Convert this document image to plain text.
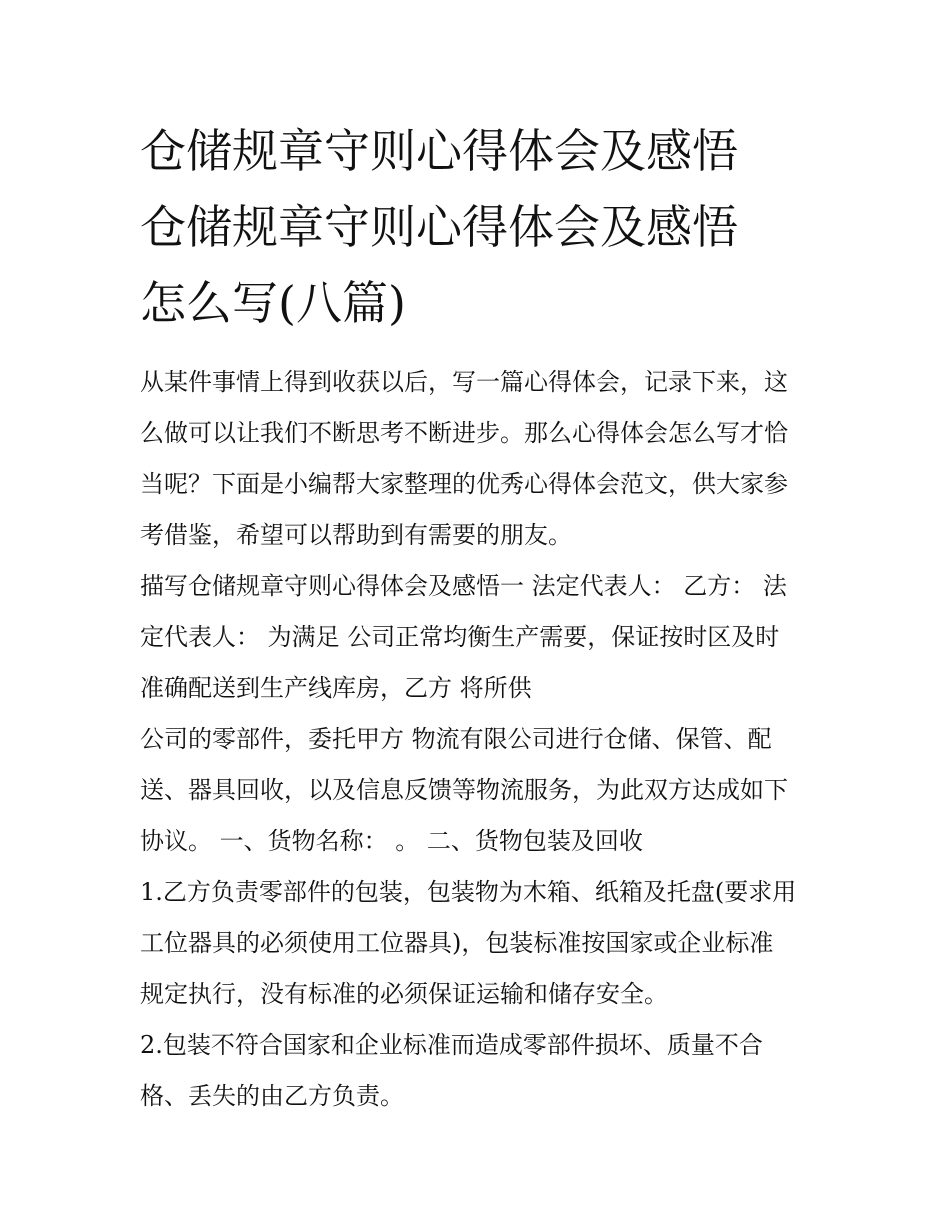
仓储规章守则心得体会及感悟
仓储规章守则心得体会及感悟
怎么写(八篇)
从某件事情上得到收获以后，写一篇心得体会，记录下来，这
么做可以让我们不断思考不断进步。那么心得体会怎么写才恰
当呢？下面是小编帮大家整理的优秀心得体会范文，供大家参
考借鉴，希望可以帮助到有需要的朋友。
描写仓储规章守则心得体会及感悟一 法定代表人： 乙方： 法
定代表人： 为满足 公司正常均衡生产需要，保证按时区及时
准确配送到生产线库房，乙方 将所供
公司的零部件，委托甲方 物流有限公司进行仓储、保管、配
送、器具回收，以及信息反馈等物流服务，为此双方达成如下
协议。 一、货物名称： 。 二、货物包装及回收
1.乙方负责零部件的包装，包装物为木箱、纸箱及托盘(要求用
工位器具的必须使用工位器具)，包装标准按国家或企业标准
规定执行，没有标准的必须保证运输和储存安全。
2.包装不符合国家和企业标准而造成零部件损坏、质量不合
格、丢失的由乙方负责。
